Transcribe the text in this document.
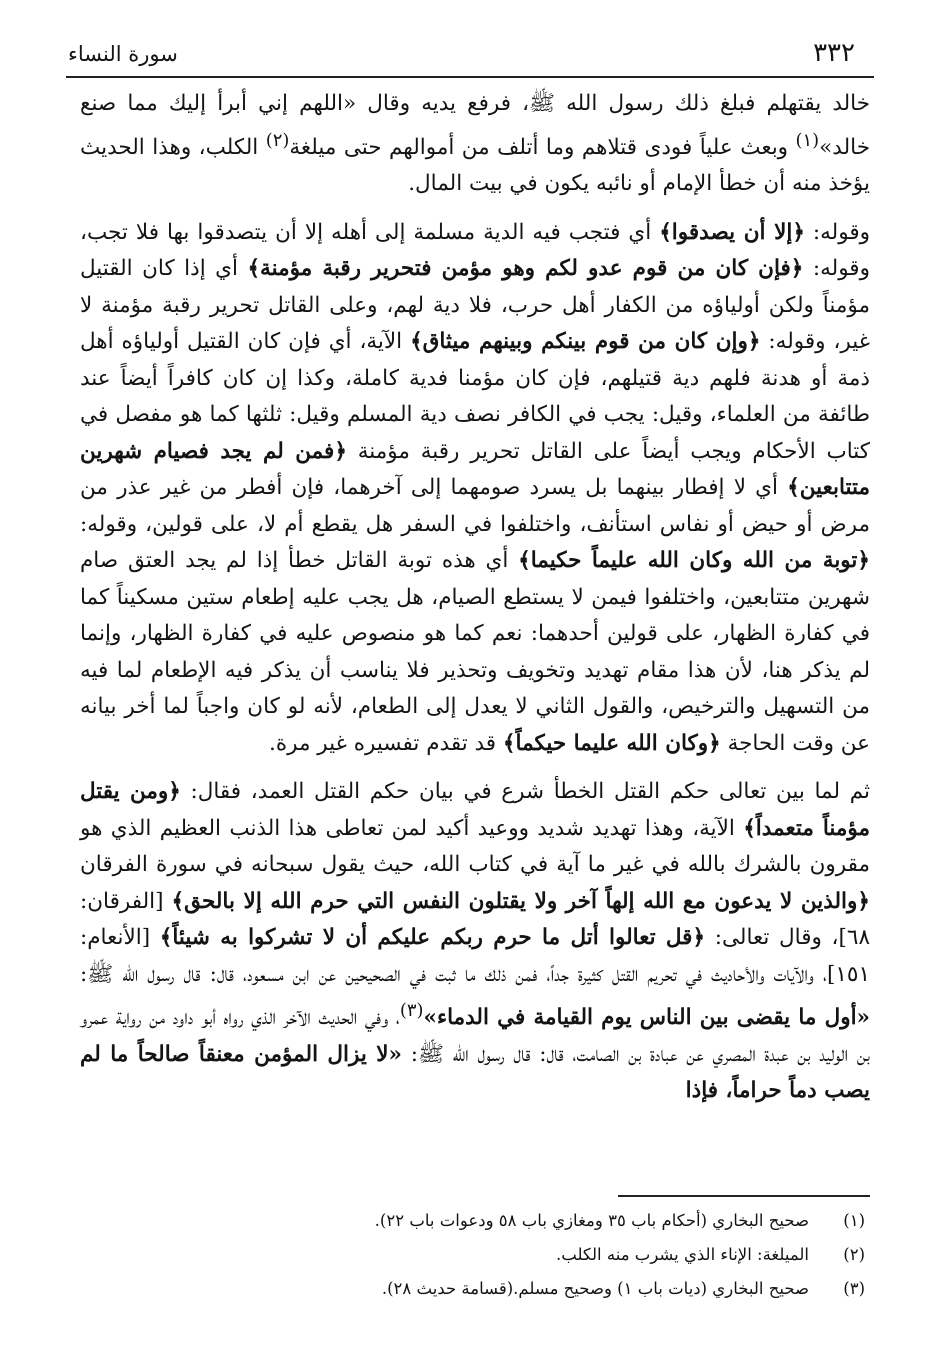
٣٣٢
سورة النساء

خالد يقتهلم فبلغ ذلك رسول الله ﷺ، فرفع يديه وقال «اللهم إني أبرأ إليك مما صنع خالد»$^{(١)}$ وبعث علياً فودى قتلاهم وما أتلف من أموالهم حتى ميلغة$^{(٢)}$ الكلب، وهذا الحديث يؤخذ منه أن خطأ الإمام أو نائبه يكون في بيت المال.

وقوله: ﴿إلا أن يصدقوا﴾ أي فتجب فيه الدية مسلمة إلى أهله إلا أن يتصدقوا بها فلا تجب، وقوله: ﴿فإن كان من قوم عدو لكم وهو مؤمن فتحرير رقبة مؤمنة﴾ أي إذا كان القتيل مؤمناً ولكن أولياؤه من الكفار أهل حرب، فلا دية لهم، وعلى القاتل تحرير رقبة مؤمنة لا غير، وقوله: ﴿وإن كان من قوم بينكم وبينهم ميثاق﴾ الآية، أي فإن كان القتيل أولياؤه أهل ذمة أو هدنة فلهم دية قتيلهم، فإن كان مؤمنا فدية كاملة، وكذا إن كان كافراً أيضاً عند طائفة من العلماء، وقيل: يجب في الكافر نصف دية المسلم وقيل: ثلثها كما هو مفصل في كتاب الأحكام ويجب أيضاً على القاتل تحرير رقبة مؤمنة ﴿فمن لم يجد فصيام شهرين متتابعين﴾ أي لا إفطار بينهما بل يسرد صومهما إلى آخرهما، فإن أفطر من غير عذر من مرض أو حيض أو نفاس استأنف، واختلفوا في السفر هل يقطع أم لا، على قولين، وقوله: ﴿توبة من الله وكان الله عليماً حكيما﴾ أي هذه توبة القاتل خطأ إذا لم يجد العتق صام شهرين متتابعين، واختلفوا فيمن لا يستطع الصيام، هل يجب عليه إطعام ستين مسكيناً كما في كفارة الظهار، على قولين أحدهما: نعم كما هو منصوص عليه في كفارة الظهار، وإنما لم يذكر هنا، لأن هذا مقام تهديد وتخويف وتحذير فلا يناسب أن يذكر فيه الإطعام لما فيه من التسهيل والترخيص، والقول الثاني لا يعدل إلى الطعام، لأنه لو كان واجباً لما أخر بيانه عن وقت الحاجة ﴿وكان الله عليما حيكماً﴾ قد تقدم تفسيره غير مرة.

ثم لما بين تعالى حكم القتل الخطأ شرع في بيان حكم القتل العمد، فقال: ﴿ومن يقتل مؤمناً متعمداً﴾ الآية، وهذا تهديد شديد ووعيد أكيد لمن تعاطى هذا الذنب العظيم الذي هو مقرون بالشرك بالله في غير ما آية في كتاب الله، حيث يقول سبحانه في سورة الفرقان ﴿والذين لا يدعون مع الله إلهاً آخر ولا يقتلون النفس التي حرم الله إلا بالحق﴾ [الفرقان: ٦٨]، وقال تعالى: ﴿قل تعالوا أتل ما حرم ربكم عليكم أن لا تشركوا به شيئاً﴾ [الأنعام: ١٥١]، والآيات والأحاديث في تحريم القتل كثيرة جداً، فمن ذلك ما ثبت في الصحيحين عن ابن مسعود، قال: قال رسول الله ﷺ: «أول ما يقضى بين الناس يوم القيامة في الدماء»$^{(٣)}$، وفي الحديث الآخر الذي رواه أبو داود من رواية عمرو بن الوليد بن عبدة المصري عن عبادة بن الصامت، قال: قال رسول الله ﷺ: «لا يزال المؤمن معنقاً صالحاً ما لم يصب دماً حراماً، فإذا

(١)
صحيح البخاري (أحكام باب ٣٥ ومغازي باب ٥٨ ودعوات باب ٢٢).
(٢)
الميلغة: الإناء الذي يشرب منه الكلب.
(٣)
صحيح البخاري (ديات باب ١) وصحيح مسلم.(قسامة حديث ٢٨).
